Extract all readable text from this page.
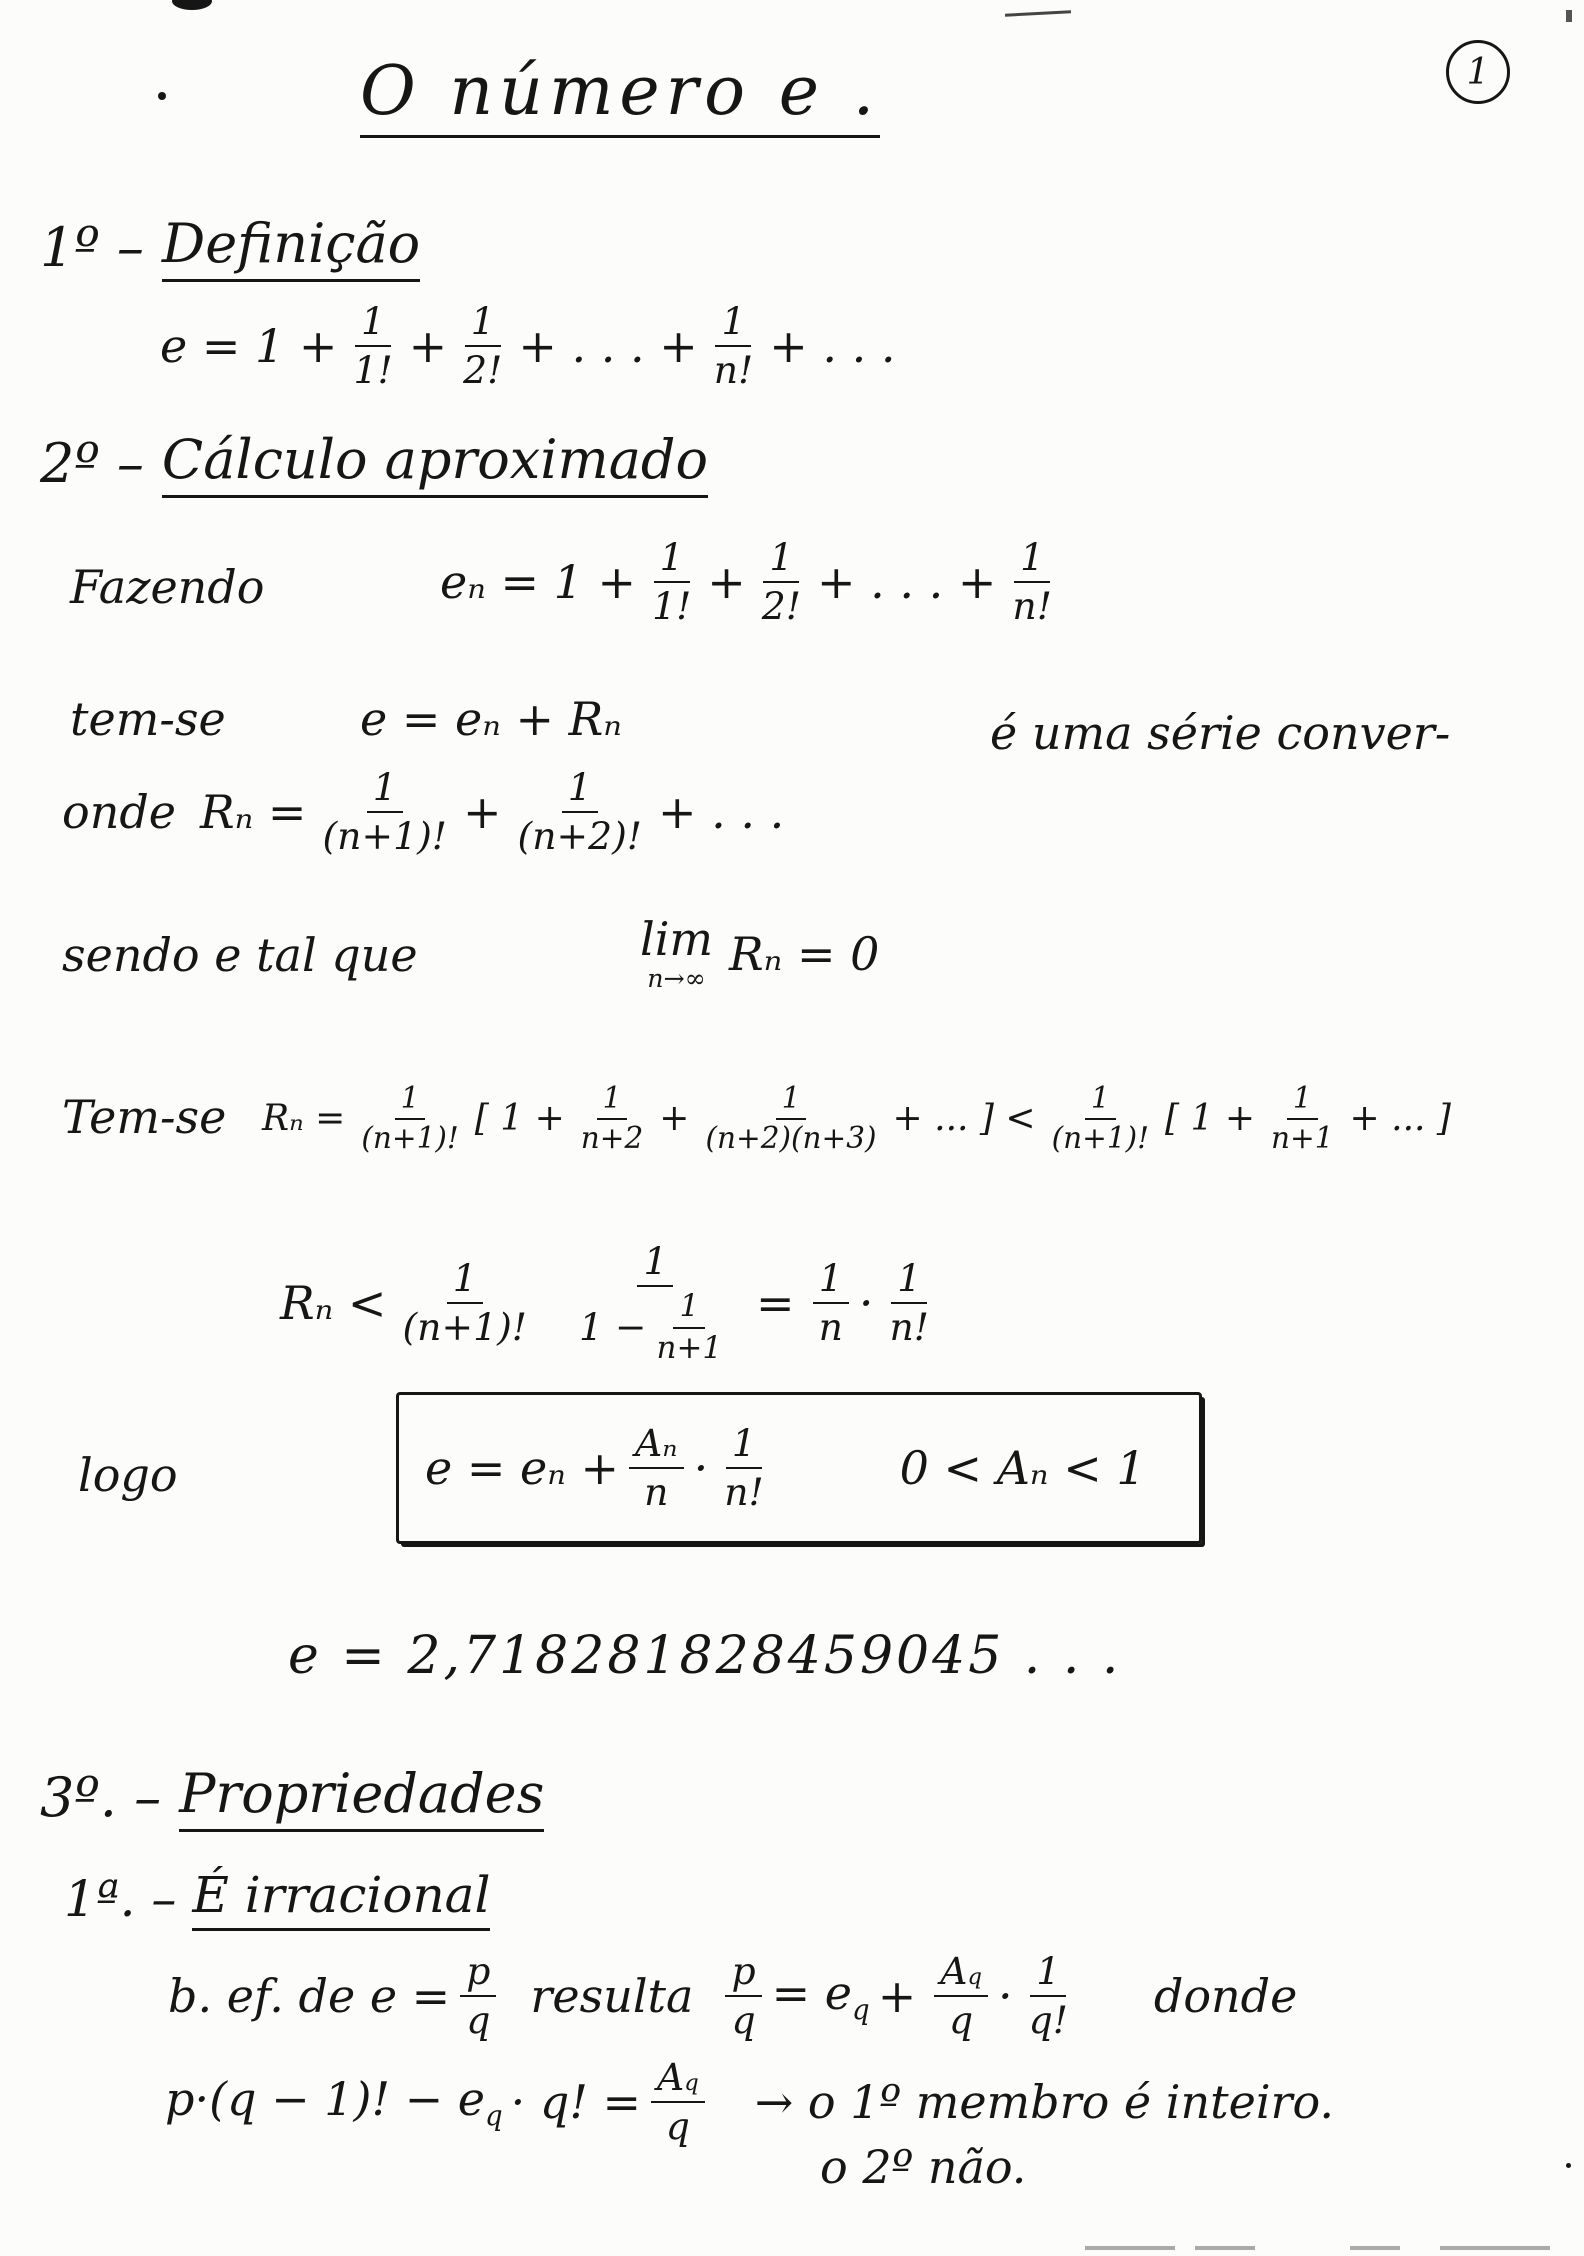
O número e .	1
1º – Definição
$e = 1 + \frac{1}{1!} + \frac{1}{2!}$ + . . . + $\frac{1}{n!}$ + . . .
2º – Cálculo aproximado
Fazendo	$e_n = 1 + \frac{1}{1!} + \frac{1}{2!}$ + . . . + $\frac{1}{n!}$
tem-se	e = eₙ + Rₙ	é uma série conver-
onde $R_n = \frac{1}{(n+1)!} + \frac{1}{(n+2)!}$ + . . .
sendo e tal que	lim
n→∞ Rₙ = 0
Tem-se $R_n = \frac{1}{(n+1)!}$ [ $1 + \frac{1}{n+2} + \frac{1}{(n+2)(n+3)}$ + ... ] < $\frac{1}{(n+1)!}$ [ $1 + \frac{1}{n+1}$ + ... ]
$R_n < \frac{1}{(n+1)!} \frac{1}{1 - \frac{1}{n+1}} = \frac{1}{n} \cdot \frac{1}{n!}$
logo	$e = e_n + \frac{\text{Aₙ}}{n} \cdot \frac{1}{n!}$	0 < Aₙ < 1
e = 2,718281828459045 . . .
3º. – Propriedades
1ª. – É irracional
b. ef. de $e = \frac{p}{q}$ resulta $\frac{p}{q} = e_q + \frac{\text{A q}}{q} \cdot \frac{1}{q!}$ donde
p·(q − 1)! − $e_q \cdot q$! = $\frac{\text{A q}}{q} \to o$ 1º membro é inteiro.
o 2º não.
